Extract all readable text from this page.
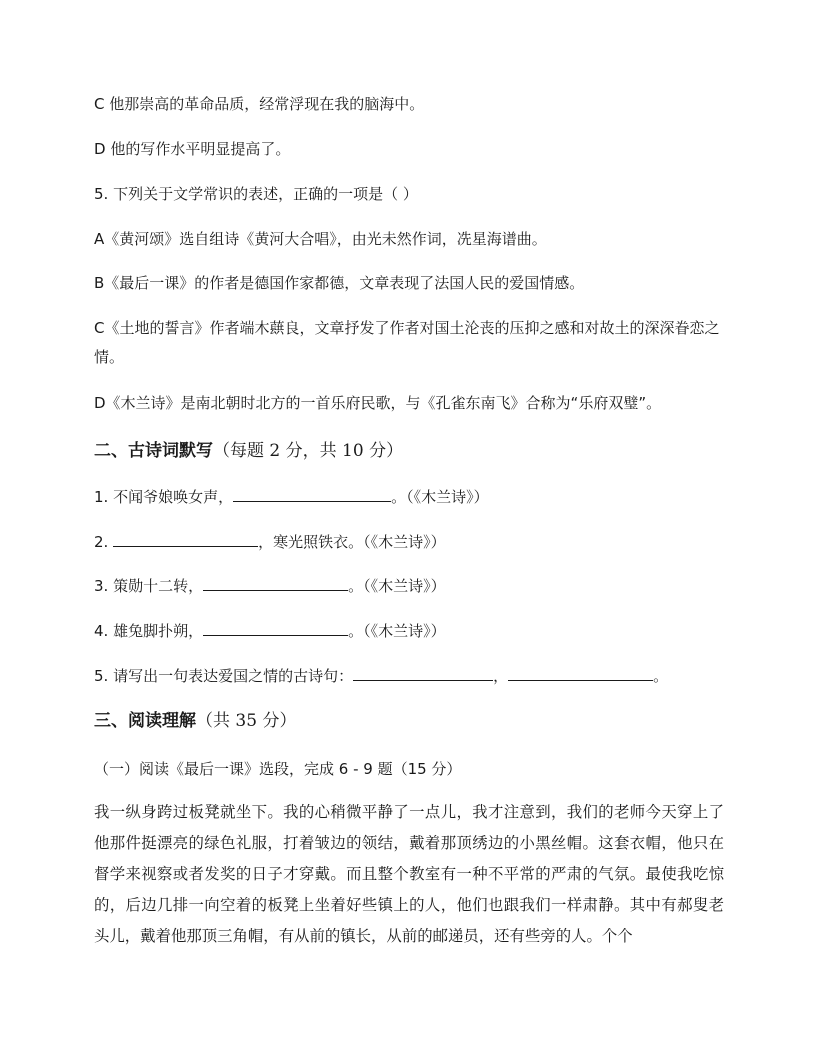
C 他那崇高的革命品质，经常浮现在我的脑海中。
D 他的写作水平明显提高了。
5. 下列关于文学常识的表述，正确的一项是（ ）
A《黄河颂》选自组诗《黄河大合唱》，由光未然作词，冼星海谱曲。
B《最后一课》的作者是德国作家都德，文章表现了法国人民的爱国情感。
C《土地的誓言》作者端木蕻良，文章抒发了作者对国土沦丧的压抑之感和对故土的深深眷恋之情。
D《木兰诗》是南北朝时北方的一首乐府民歌，与《孔雀东南飞》合称为“乐府双璧”。
二、古诗词默写（每题 2 分，共 10 分）
1. 不闻爷娘唤女声，	。（《木兰诗》）
2.	，寒光照铁衣。（《木兰诗》）
3. 策勋十二转，	。（《木兰诗》）
4. 雄兔脚扑朔，	。（《木兰诗》）
5. 请写出一句表达爱国之情的古诗句：	，	。
三、阅读理解（共 35 分）
（一）阅读《最后一课》选段，完成 6 - 9 题（15 分）
我一纵身跨过板凳就坐下。我的心稍微平静了一点儿，我才注意到，我们的老师今天穿上了他那件挺漂亮的绿色礼服，打着皱边的领结，戴着那顶绣边的小黑丝帽。这套衣帽，他只在督学来视察或者发奖的日子才穿戴。而且整个教室有一种不平常的严肃的气氛。最使我吃惊的，后边几排一向空着的板凳上坐着好些镇上的人，他们也跟我们一样肃静。其中有郝叟老头儿，戴着他那顶三角帽，有从前的镇长，从前的邮递员，还有些旁的人。个个
